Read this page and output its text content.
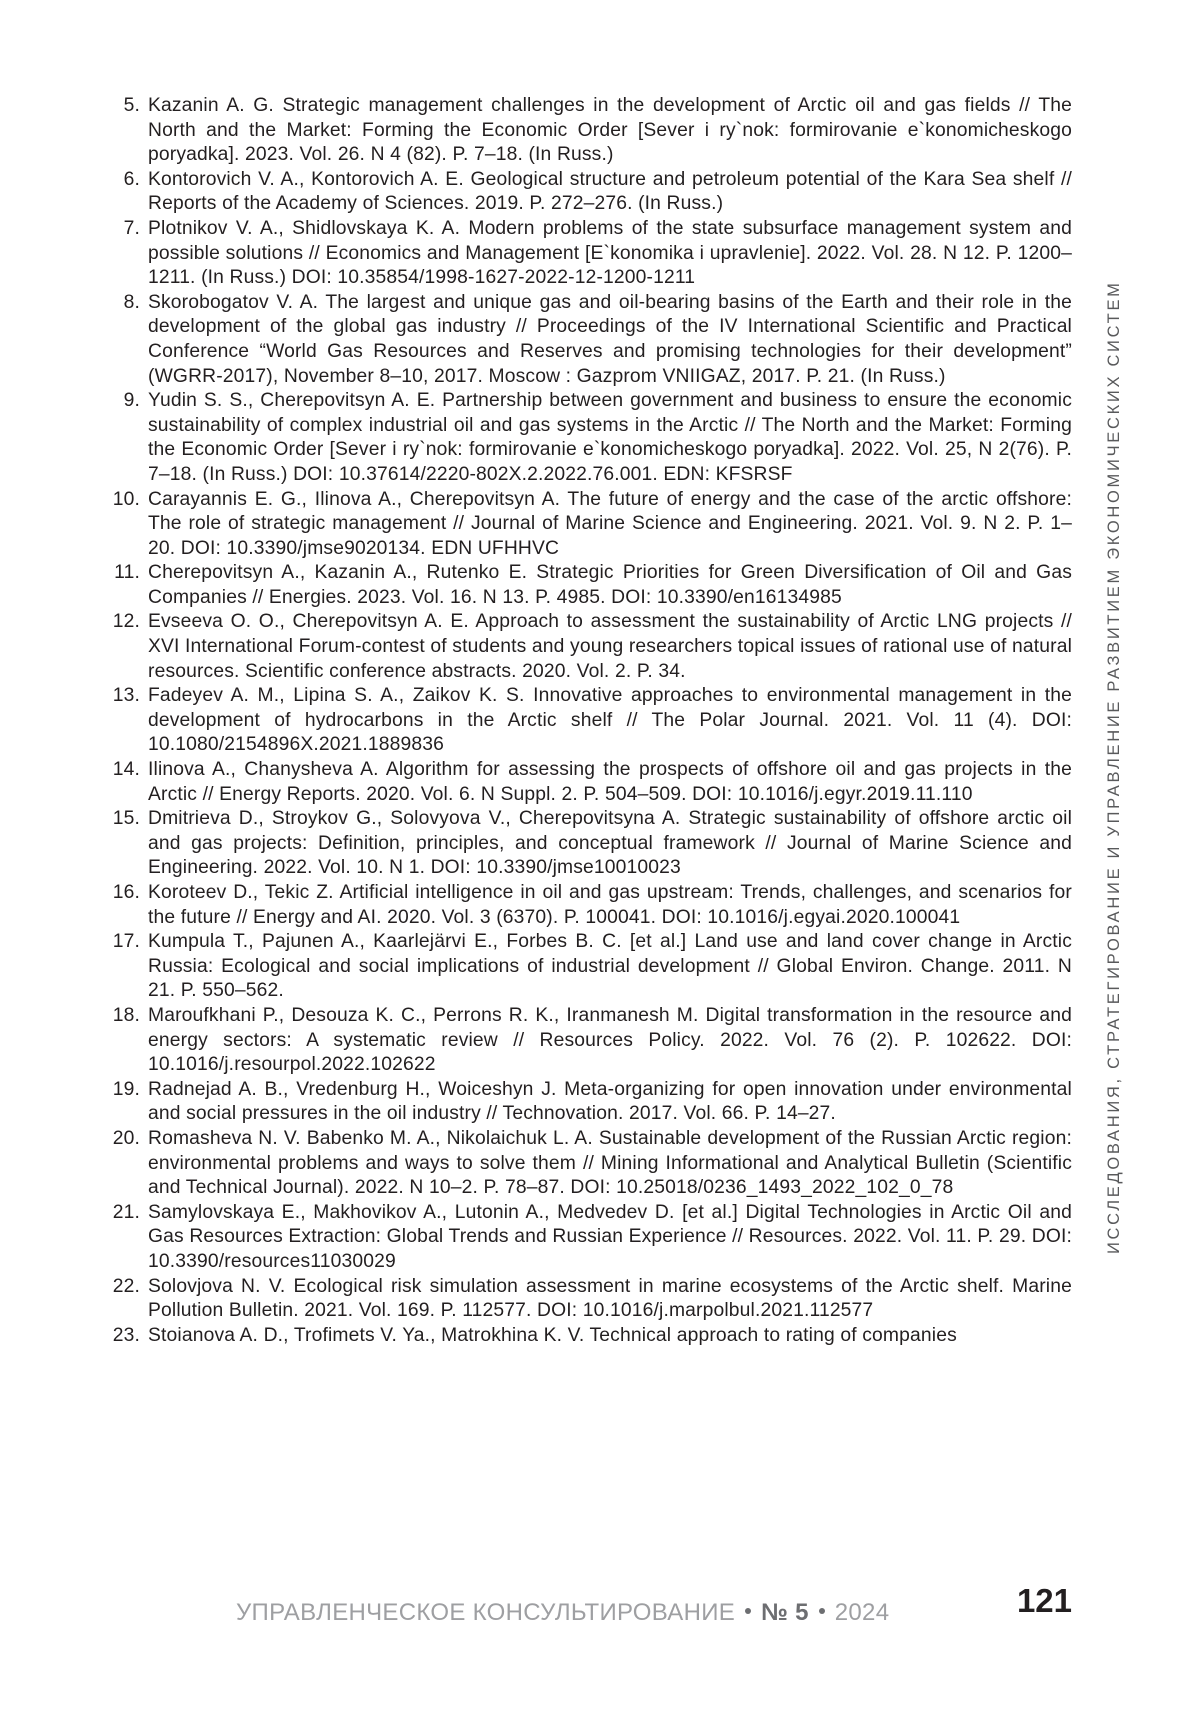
5. Kazanin A. G. Strategic management challenges in the development of Arctic oil and gas fields // The North and the Market: Forming the Economic Order [Sever i ry`nok: formirovanie e`konomicheskogo poryadka]. 2023. Vol. 26. N 4 (82). P. 7–18. (In Russ.)
6. Kontorovich V. A., Kontorovich A. E. Geological structure and petroleum potential of the Kara Sea shelf // Reports of the Academy of Sciences. 2019. P. 272–276. (In Russ.)
7. Plotnikov V. A., Shidlovskaya K. A. Modern problems of the state subsurface management system and possible solutions // Economics and Management [E`konomika i upravlenie]. 2022. Vol. 28. N 12. P. 1200–1211. (In Russ.) DOI: 10.35854/1998-1627-2022-12-1200-1211
8. Skorobogatov V. A. The largest and unique gas and oil-bearing basins of the Earth and their role in the development of the global gas industry // Proceedings of the IV International Scientific and Practical Conference “World Gas Resources and Reserves and promising technologies for their development” (WGRR-2017), November 8–10, 2017. Moscow : Gazprom VNIIGAZ, 2017. P. 21. (In Russ.)
9. Yudin S. S., Cherepovitsyn A. E. Partnership between government and business to ensure the economic sustainability of complex industrial oil and gas systems in the Arctic // The North and the Market: Forming the Economic Order [Sever i ry`nok: formirovanie e`konomicheskogo poryadka]. 2022. Vol. 25, N 2(76). P. 7–18. (In Russ.) DOI: 10.37614/2220-802X.2.2022.76.001. EDN: KFSRSF
10. Carayannis E. G., Ilinova A., Cherepovitsyn A. The future of energy and the case of the arctic offshore: The role of strategic management // Journal of Marine Science and Engineering. 2021. Vol. 9. N 2. P. 1–20. DOI: 10.3390/jmse9020134. EDN UFHHVC
11. Cherepovitsyn A., Kazanin A., Rutenko E. Strategic Priorities for Green Diversification of Oil and Gas Companies // Energies. 2023. Vol. 16. N 13. P. 4985. DOI: 10.3390/en16134985
12. Evseeva O. O., Cherepovitsyn A. E. Approach to assessment the sustainability of Arctic LNG projects // XVI International Forum-contest of students and young researchers topical issues of rational use of natural resources. Scientific conference abstracts. 2020. Vol. 2. P. 34.
13. Fadeyev A. M., Lipina S. A., Zaikov K. S. Innovative approaches to environmental management in the development of hydrocarbons in the Arctic shelf // The Polar Journal. 2021. Vol. 11 (4). DOI: 10.1080/2154896X.2021.1889836
14. Ilinova A., Chanysheva A. Algorithm for assessing the prospects of offshore oil and gas projects in the Arctic // Energy Reports. 2020. Vol. 6. N Suppl. 2. P. 504–509. DOI: 10.1016/j.egyr.2019.11.110
15. Dmitrieva D., Stroykov G., Solovyova V., Cherepovitsyna A. Strategic sustainability of offshore arctic oil and gas projects: Definition, principles, and conceptual framework // Journal of Marine Science and Engineering. 2022. Vol. 10. N 1. DOI: 10.3390/jmse10010023
16. Koroteev D., Tekic Z. Artificial intelligence in oil and gas upstream: Trends, challenges, and scenarios for the future // Energy and AI. 2020. Vol. 3 (6370). P. 100041. DOI: 10.1016/j.egyai.2020.100041
17. Kumpula T., Pajunen A., Kaarlejärvi E., Forbes B. C. [et al.] Land use and land cover change in Arctic Russia: Ecological and social implications of industrial development // Global Environ. Change. 2011. N 21. P. 550–562.
18. Maroufkhani P., Desouza K. C., Perrons R. K., Iranmanesh M. Digital transformation in the resource and energy sectors: A systematic review // Resources Policy. 2022. Vol. 76 (2). P. 102622. DOI: 10.1016/j.resourpol.2022.102622
19. Radnejad A. B., Vredenburg H., Woiceshyn J. Meta-organizing for open innovation under environmental and social pressures in the oil industry // Technovation. 2017. Vol. 66. P. 14–27.
20. Romasheva N. V. Babenko M. A., Nikolaichuk L. A. Sustainable development of the Russian Arctic region: environmental problems and ways to solve them // Mining Informational and Analytical Bulletin (Scientific and Technical Journal). 2022. N 10–2. P. 78–87. DOI: 10.25018/0236_1493_2022_102_0_78
21. Samylovskaya E., Makhovikov A., Lutonin A., Medvedev D. [et al.] Digital Technologies in Arctic Oil and Gas Resources Extraction: Global Trends and Russian Experience // Resources. 2022. Vol. 11. P. 29. DOI: 10.3390/resources11030029
22. Solovjova N. V. Ecological risk simulation assessment in marine ecosystems of the Arctic shelf. Marine Pollution Bulletin. 2021. Vol. 169. P. 112577. DOI: 10.1016/j.marpolbul.2021.112577
23. Stoianova A. D., Trofimets V. Ya., Matrokhina K. V. Technical approach to rating of companies
ИССЛЕДОВАНИЯ, СТРАТЕГИРОВАНИЕ И УПРАВЛЕНИЕ РАЗВИТИЕМ ЭКОНОМИЧЕСКИХ СИСТЕМ
УПРАВЛЕНЧЕСКОЕ КОНСУЛЬТИРОВАНИЕ № 5 2024	121
